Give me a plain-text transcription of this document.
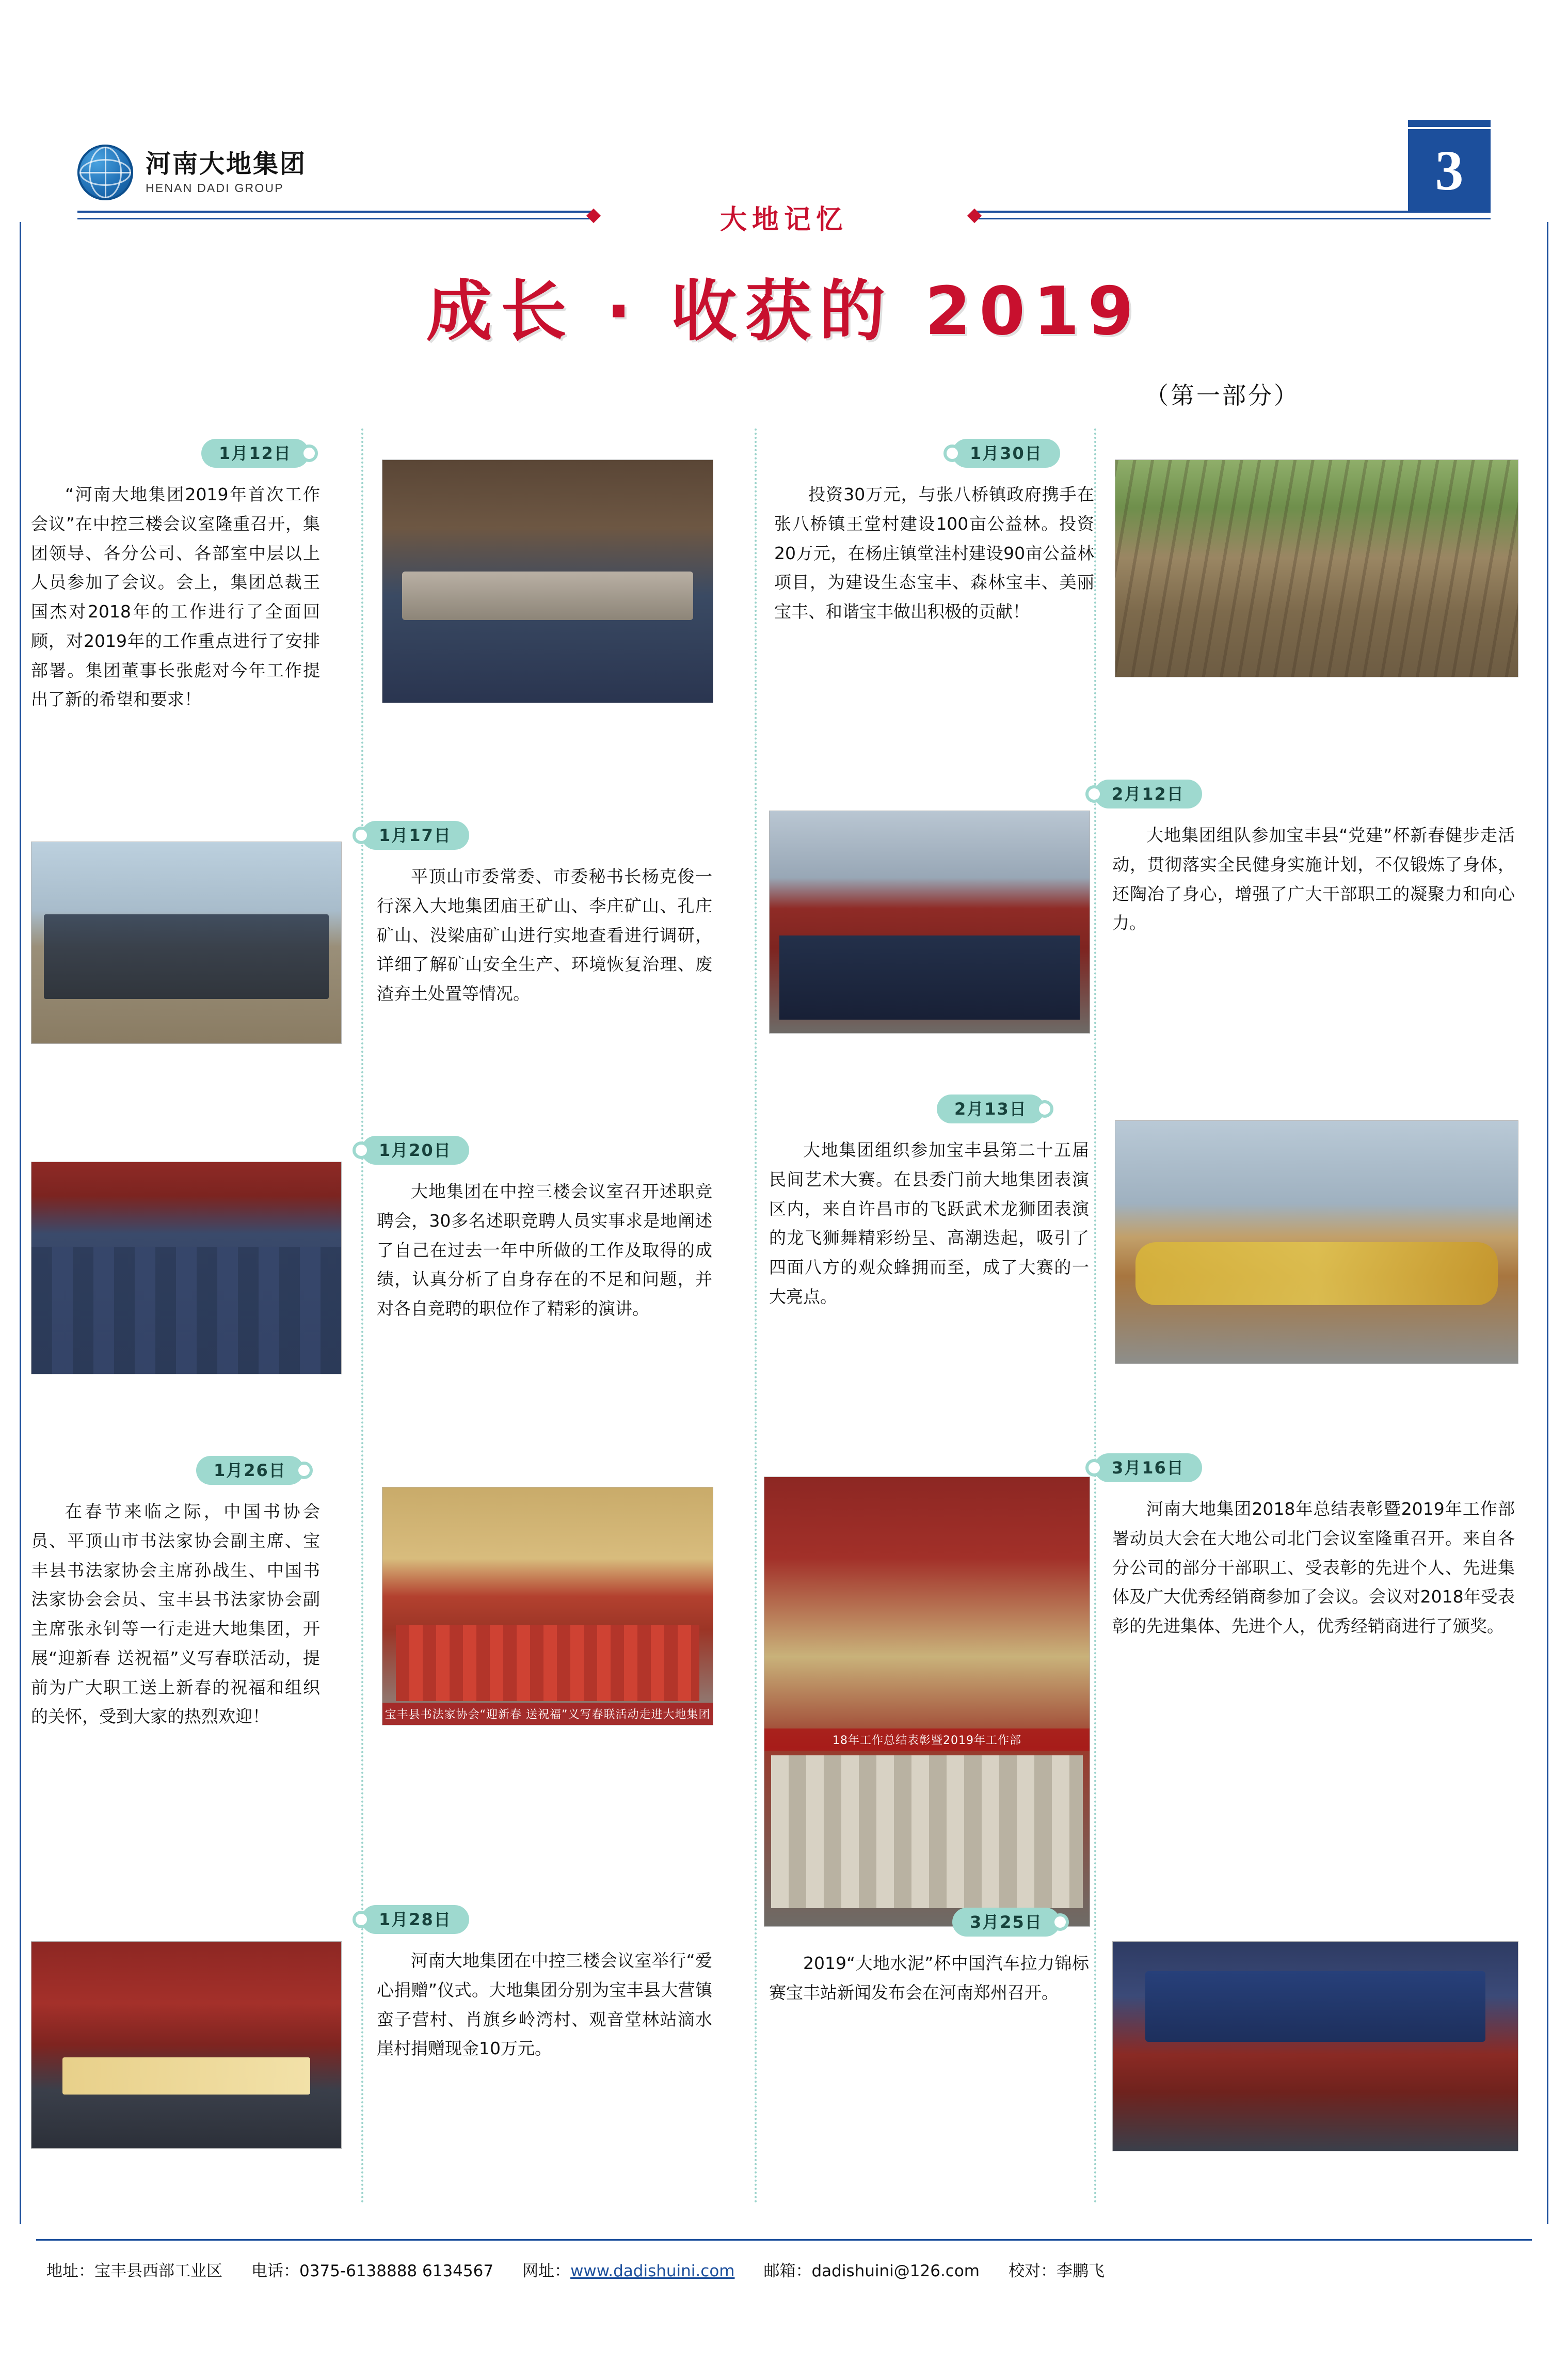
河南大地集团
HENAN DADI GROUP	3
大地记忆
成长 · 收获的 2019
（第一部分）
1月12日
“河南大地集团2019年首次工作会议”在中控三楼会议室隆重召开，集团领导、各分公司、各部室中层以上人员参加了会议。会上，集团总裁王国杰对2018年的工作进行了全面回顾，对2019年的工作重点进行了安排部署。集团董事长张彪对今年工作提出了新的希望和要求！
1月17日
平顶山市委常委、市委秘书长杨克俊一行深入大地集团庙王矿山、李庄矿山、孔庄矿山、没梁庙矿山进行实地查看进行调研，详细了解矿山安全生产、环境恢复治理、废渣弃土处置等情况。
1月20日
大地集团在中控三楼会议室召开述职竞聘会，30多名述职竞聘人员实事求是地阐述了自己在过去一年中所做的工作及取得的成绩，认真分析了自身存在的不足和问题，并对各自竞聘的职位作了精彩的演讲。
1月26日
在春节来临之际，中国书协会员、平顶山市书法家协会副主席、宝丰县书法家协会主席孙战生、中国书法家协会会员、宝丰县书法家协会副主席张永钊等一行走进大地集团，开展“迎新春 送祝福”义写春联活动，提前为广大职工送上新春的祝福和组织的关怀，受到大家的热烈欢迎！	宝丰县书法家协会“迎新春 送祝福”义写春联活动走进大地集团
1月28日
河南大地集团在中控三楼会议室举行“爱心捐赠”仪式。大地集团分别为宝丰县大营镇蛮子营村、肖旗乡岭湾村、观音堂林站滴水崖村捐赠现金10万元。
1月30日
投资30万元，与张八桥镇政府携手在张八桥镇王堂村建设100亩公益林。投资20万元，在杨庄镇堂洼村建设90亩公益林项目，为建设生态宝丰、森林宝丰、美丽宝丰、和谐宝丰做出积极的贡献！
2月12日
大地集团组队参加宝丰县“党建”杯新春健步走活动，贯彻落实全民健身实施计划，不仅锻炼了身体，还陶冶了身心，增强了广大干部职工的凝聚力和向心力。
2月13日
大地集团组织参加宝丰县第二十五届民间艺术大赛。在县委门前大地集团表演区内，来自许昌市的飞跃武术龙狮团表演的龙飞狮舞精彩纷呈、高潮迭起，吸引了四面八方的观众蜂拥而至，成了大赛的一大亮点。
3月16日
河南大地集团2018年总结表彰暨2019年工作部署动员大会在大地公司北门会议室隆重召开。来自各分公司的部分干部职工、受表彰的先进个人、先进集体及广大优秀经销商参加了会议。会议对2018年受表彰的先进集体、先进个人，优秀经销商进行了颁奖。
18年工作总结表彰暨2019年工作部
3月25日
2019“大地水泥”杯中国汽车拉力锦标赛宝丰站新闻发布会在河南郑州召开。
地址：宝丰县西部工业区 电话：0375-6138888 6134567 网址：www.dadishuini.com 邮箱：dadishuini@126.com 校对：李鹏飞
